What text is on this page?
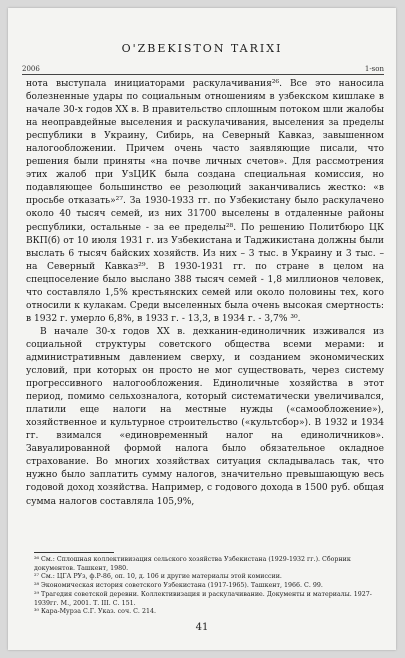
O'ZBEKISTON TARIXI
2006	1-son

нота выступала инициаторами раскулачивания²⁶. Все это наносила болезненные удары по социальным отношениям в узбекском кишлаке в начале 30-х годов XX в. В правительство сплошным потоком шли жалобы на неоправдейные выселения и раскулачивания, выселения за пределы республики в Украину, Сибирь, на Северный Кавказ, завышенном налогообложении. Причем очень часто заявляющие писали, что решения были приняты «на почве личных счетов». Для рассмотрения этих жалоб при УзЦИК была создана специальная комиссия, но подавляющее большинство ее резолюций заканчивались жестко: «в просьбе отказать»²⁷. За 1930-1933 гг. по Узбекистану было раскулачено около 40 тысяч семей, из них 31700 выселены в отдаленные районы республики, остальные - за ее пределы²⁸. По решению Политбюро ЦК ВКП(б) от 10 июля 1931 г. из Узбекистана и Таджикистана должны были выслать 6 тысяч байских хозяйств. Из них – 3 тыс. в Украину и 3 тыс. – на Северный Кавказ²⁹. В 1930-1931 гг. по стране в целом на спецпоселение было выслано 388 тысяч семей - 1,8 миллионов человек, что составляло 1,5% крестьянских семей или около половины тех, кого относили к кулакам. Среди выселенных была очень высокая смертность: в 1932 г. умерло 6,8%, в 1933 г. - 13,3, в 1934 г. - 3,7% ³⁰.

В начале 30-х годов XX в. дехканин-единоличник изживался из социальной структуры советского общества всеми мерами: и административным давлением сверху, и созданием экономических условий, при которых он просто не мог существовать, через систему прогрессивного налогообложения. Единоличные хозяйства в этот период, помимо сельхозналога, который систематически увеличивался, платили еще налоги на местные нужды («самообложение»), хозяйственное и культурное строительство («культсбор»). В 1932 и 1934 гг. взимался «единовременный налог на единоличников». Завуалированной формой налога было обязательное окладное страхование. Во многих хозяйствах ситуация складывалась так, что нужно было заплатить сумму налогов, значительно превышающую весь годовой доход хозяйства. Например, с годового дохода в 1500 руб. общая сумма налогов составляла 105,9%,

²⁶ См.: Сплошная коллективизация сельского хозяйства Узбекистана (1929-1932 гг.). Сборник документов. Ташкент, 1980.

²⁷ См.: ЦГА РУз, ф.Р-86, оп. 10, д. 106 и другие материалы этой комиссии.

²⁸ Экономическая история советского Узбекистана (1917-1965). Ташкент, 1966. С. 99.

²⁹ Трагедия советской деревни. Коллективизация и раскулачивание. Документы и материалы. 1927-1939гг. М., 2001. Т. III. С. 151.

³⁰ Кара-Мурза С.Г. Указ. соч. С. 214.

41
